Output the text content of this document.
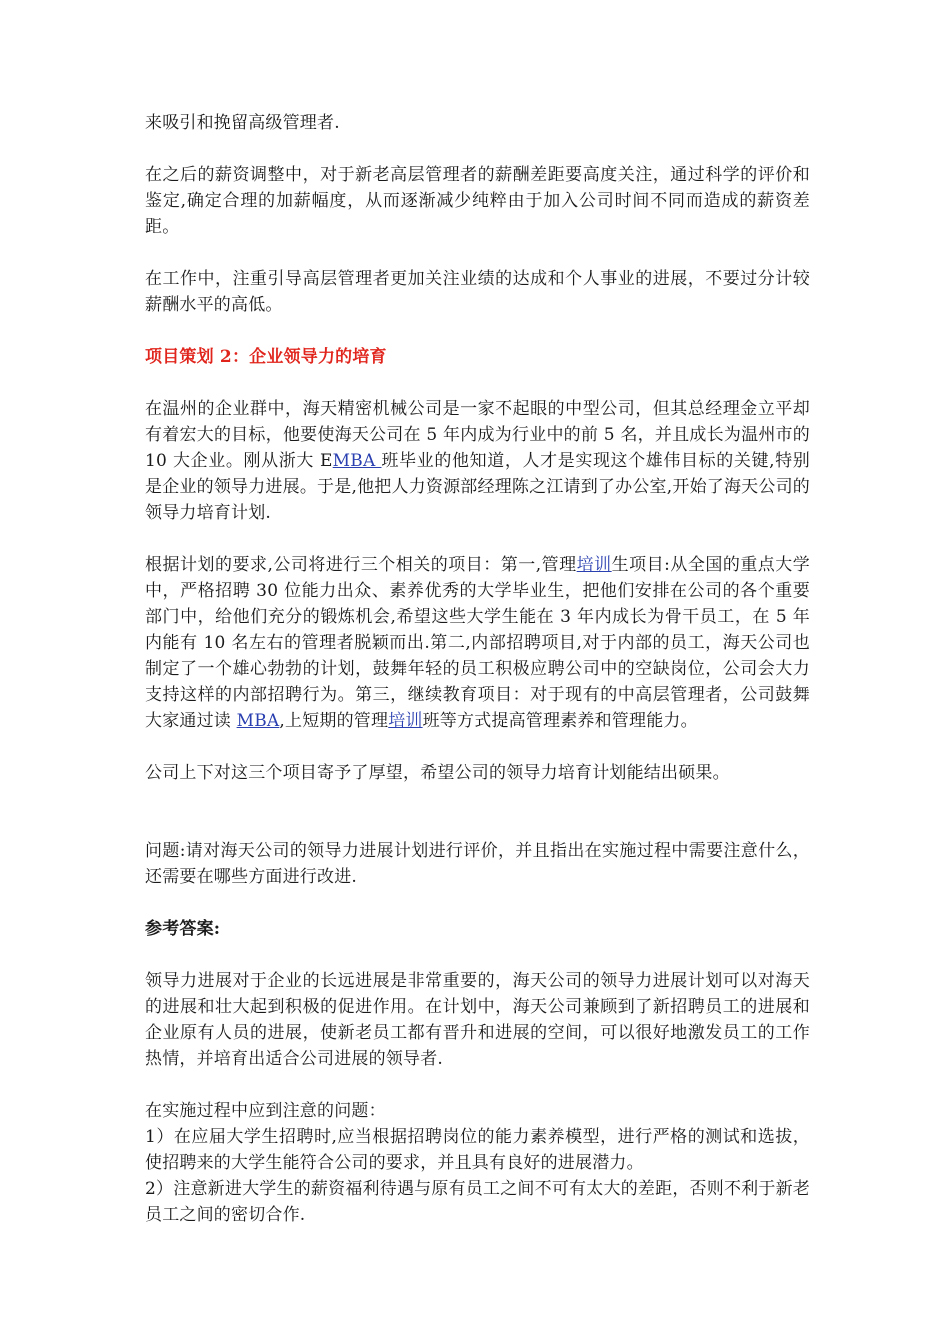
来吸引和挽留高级管理者.

在之后的薪资调整中，对于新老高层管理者的薪酬差距要高度关注，通过科学的评价和鉴定,确定合理的加薪幅度，从而逐渐减少纯粹由于加入公司时间不同而造成的薪资差距。

在工作中，注重引导高层管理者更加关注业绩的达成和个人事业的进展，不要过分计较薪酬水平的高低。

项目策划 2：企业领导力的培育

在温州的企业群中，海天精密机械公司是一家不起眼的中型公司，但其总经理金立平却有着宏大的目标，他要使海天公司在 5 年内成为行业中的前 5 名，并且成长为温州市的 10 大企业。刚从浙大 EMBA 班毕业的他知道，人才是实现这个雄伟目标的关键,特别是企业的领导力进展。于是,他把人力资源部经理陈之江请到了办公室,开始了海天公司的领导力培育计划.

根据计划的要求,公司将进行三个相关的项目：第一,管理培训生项目:从全国的重点大学中，严格招聘 30 位能力出众、素养优秀的大学毕业生，把他们安排在公司的各个重要部门中，给他们充分的锻炼机会,希望这些大学生能在 3 年内成长为骨干员工，在 5 年内能有 10 名左右的管理者脱颖而出.第二,内部招聘项目,对于内部的员工，海天公司也制定了一个雄心勃勃的计划，鼓舞年轻的员工积极应聘公司中的空缺岗位，公司会大力支持这样的内部招聘行为。第三，继续教育项目：对于现有的中高层管理者，公司鼓舞大家通过读 MBA,上短期的管理培训班等方式提高管理素养和管理能力。

公司上下对这三个项目寄予了厚望，希望公司的领导力培育计划能结出硕果。

问题:请对海天公司的领导力进展计划进行评价，并且指出在实施过程中需要注意什么，还需要在哪些方面进行改进.

参考答案:

领导力进展对于企业的长远进展是非常重要的，海天公司的领导力进展计划可以对海天的进展和壮大起到积极的促进作用。在计划中，海天公司兼顾到了新招聘员工的进展和企业原有人员的进展，使新老员工都有晋升和进展的空间，可以很好地激发员工的工作热情，并培育出适合公司进展的领导者.

在实施过程中应到注意的问题：

1）在应届大学生招聘时,应当根据招聘岗位的能力素养模型，进行严格的测试和选拔，使招聘来的大学生能符合公司的要求，并且具有良好的进展潜力。

2）注意新进大学生的薪资福利待遇与原有员工之间不可有太大的差距，否则不利于新老员工之间的密切合作.
